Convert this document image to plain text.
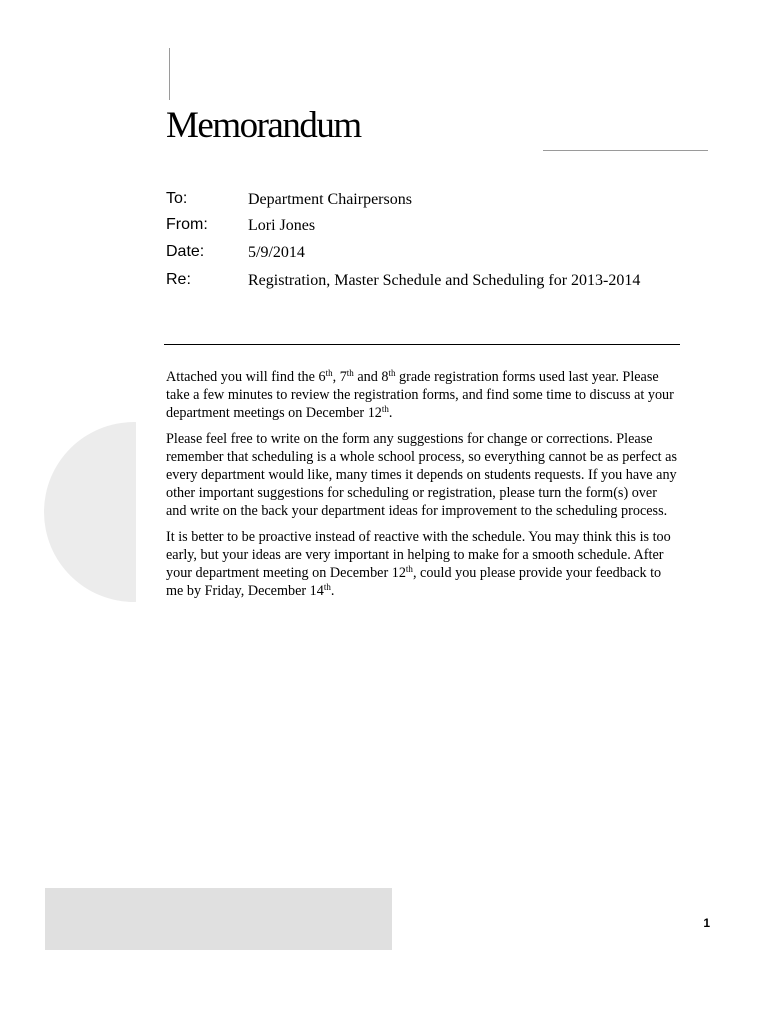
Memorandum
To:	Department Chairpersons
From:	Lori Jones
Date:	5/9/2014
Re:	Registration, Master Schedule and Scheduling for 2013-2014

Attached you will find the 6th, 7th and 8th grade registration forms used last year. Please take a few minutes to review the registration forms, and find some time to discuss at your department meetings on December 12th.

Please feel free to write on the form any suggestions for change or corrections. Please remember that scheduling is a whole school process, so everything cannot be as perfect as every department would like, many times it depends on students requests. If you have any other important suggestions for scheduling or registration, please turn the form(s) over and write on the back your department ideas for improvement to the scheduling process.

It is better to be proactive instead of reactive with the schedule. You may think this is too early, but your ideas are very important in helping to make for a smooth schedule. After your department meeting on December 12th, could you please provide your feedback to me by Friday, December 14th.

1
